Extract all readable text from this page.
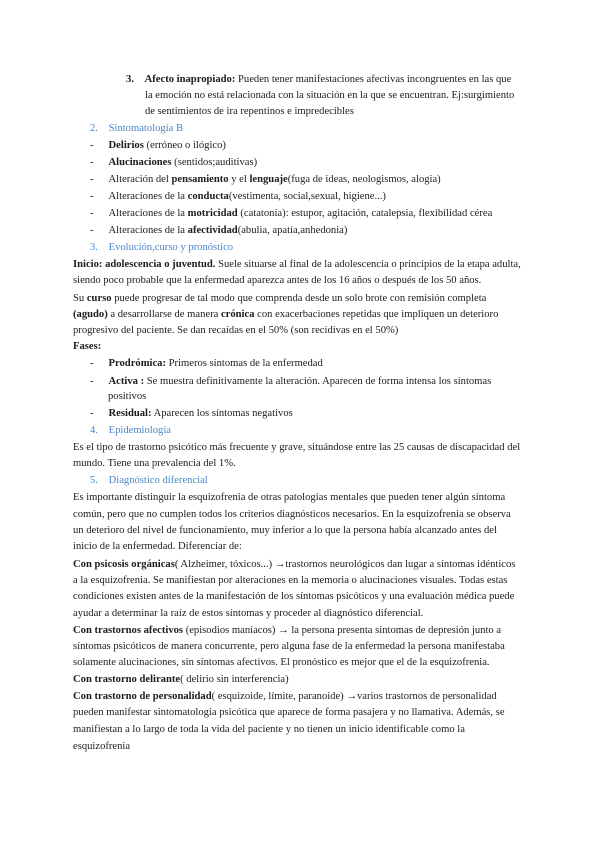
3. Afecto inapropiado: Pueden tener manifestaciones afectivas incongruentes en las que
la emoción no está relacionada con la situación en la que se encuentran. Ej:surgimiento
de sentimientos de ira repentinos e impredecibles
2. Sintomatología B
- Delirios (erróneo o ilógico)
- Alucinaciones (sentidos;auditivas)
- Alteración del pensamiento y el lenguaje(fuga de ideas, neologismos, alogia)
- Alteraciones de la conducta(vestimenta, social,sexual, higiene...)
- Alteraciones de la motricidad (catatonía): estupor, agitación, catalepsia, flexibilidad cérea
- Alteraciones de la afectividad(abulia, apatía,anhedonia)
3. Evolución,curso y pronóstico
Inicio: adolescencia o juventud. Suele situarse al final de la adolescencia o principios de la etapa adulta,
siendo poco probable que la enfermedad aparezca antes de los 16 años o después de los 50 años.
Su curso puede progresar de tal modo que comprenda desde un solo brote con remisión completa
(agudo) a desarrollarse de manera crónica con exacerbaciones repetidas que impliquen un deterioro
progresivo del paciente. Se dan recaídas en el 50% (son recidivas en el 50%)
Fases:
- Prodrómica: Primeros síntomas de la enfermedad
- Activa : Se muestra definitivamente la alteración. Aparecen de forma intensa los síntomas
positivos
- Residual: Aparecen los síntomas negativos
4. Epidemiología
Es el tipo de trastorno psicótico más frecuente y grave, situándose entre las 25 causas de discapacidad del
mundo. Tiene una prevalencia del 1%.
5. Diagnóstico diferencial
Es importante distinguir la esquizofrenia de otras patologías mentales que pueden tener algún síntoma
común, pero que no cumplen todos los criterios diagnósticos necesarios. En la esquizofrenia se observa
un deterioro del nivel de funcionamiento, muy inferior a lo que la persona había alcanzado antes del
inicio de la enfermedad. Diferenciar de:
Con psicosis orgánicas( Alzheimer, tóxicos...) →trastornos neurológicos dan lugar a síntomas idénticos
a la esquizofrenia. Se manifiestan por alteraciones en la memoria o alucinaciones visuales. Todas estas
condiciones existen antes de la manifestación de los síntomas psicóticos y una evaluación médica puede
ayudar a determinar la raíz de estos síntomas y proceder al diagnóstico diferencial.
Con trastornos afectivos (episodios maníacos) → la persona presenta síntomas de depresión junto a
síntomas psicóticos de manera concurrente, pero alguna fase de la enfermedad la persona manifestaba
solamente alucinaciones, sin síntomas afectivos. El pronóstico es mejor que el de la esquizofrenia.
Con trastorno delirante( delirio sin interferencia)
Con trastorno de personalidad( esquizoide, límite, paranoide) →varios trastornos de personalidad
pueden manifestar sintomatología psicótica que aparece de forma pasajera y no llamativa. Además, se
manifiestan a lo largo de toda la vida del paciente y no tienen un inicio identificable como la
esquizofrenia
